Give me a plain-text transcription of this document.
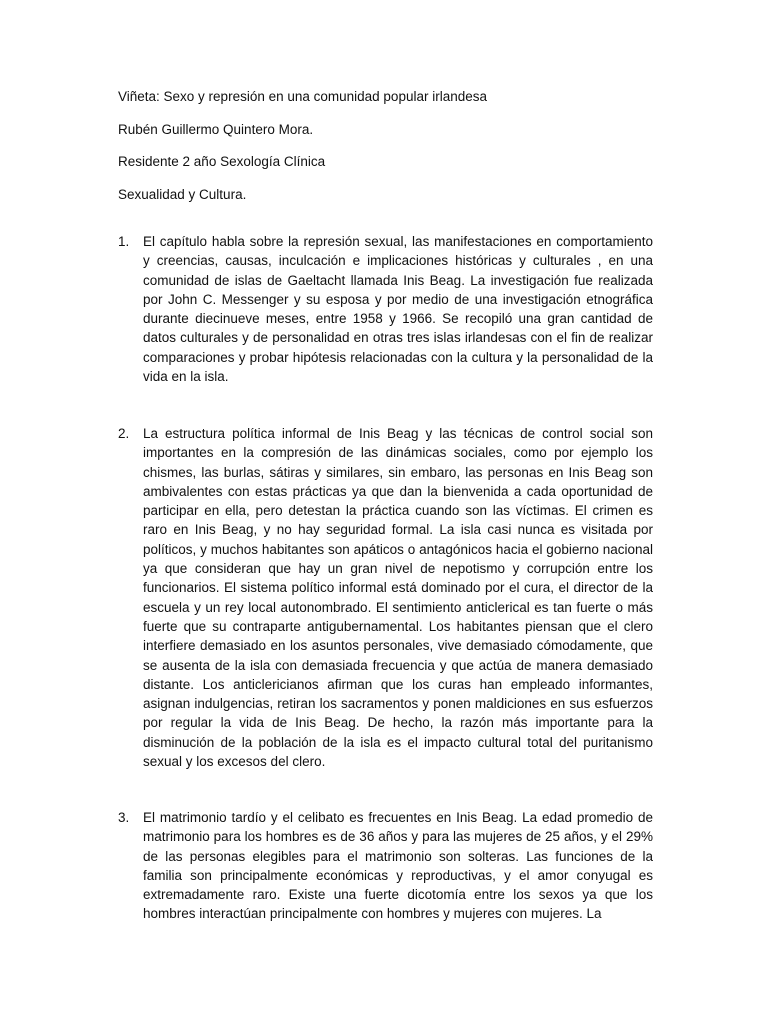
Viñeta: Sexo y represión en una comunidad popular irlandesa
Rubén Guillermo Quintero Mora.
Residente 2 año Sexología Clínica
Sexualidad y Cultura.
1. El capítulo habla sobre la represión sexual, las manifestaciones en comportamiento y creencias, causas, inculcación e implicaciones históricas y culturales , en una comunidad de islas de Gaeltacht llamada Inis Beag. La investigación fue realizada por John C. Messenger y su esposa y por medio de una investigación etnográfica durante diecinueve meses, entre 1958 y 1966. Se recopiló una gran cantidad de datos culturales y de personalidad en otras tres islas irlandesas con el fin de realizar comparaciones y probar hipótesis relacionadas con la cultura y la personalidad de la vida en la isla.
2. La estructura política informal de Inis Beag y las técnicas de control social son importantes en la compresión de las dinámicas sociales, como por ejemplo los chismes, las burlas, sátiras y similares, sin embaro, las personas en Inis Beag son ambivalentes con estas prácticas ya que dan la bienvenida a cada oportunidad de participar en ella, pero detestan la práctica cuando son las víctimas. El crimen es raro en Inis Beag, y no hay seguridad formal. La isla casi nunca es visitada por políticos, y muchos habitantes son apáticos o antagónicos hacia el gobierno nacional ya que consideran que hay un gran nivel de nepotismo y corrupción entre los funcionarios. El sistema político informal está dominado por el cura, el director de la escuela y un rey local autonombrado. El sentimiento anticlerical es tan fuerte o más fuerte que su contraparte antigubernamental. Los habitantes piensan que el clero interfiere demasiado en los asuntos personales, vive demasiado cómodamente, que se ausenta de la isla con demasiada frecuencia y que actúa de manera demasiado distante. Los anticlericianos afirman que los curas han empleado informantes, asignan indulgencias, retiran los sacramentos y ponen maldiciones en sus esfuerzos por regular la vida de Inis Beag. De hecho, la razón más importante para la disminución de la población de la isla es el impacto cultural total del puritanismo sexual y los excesos del clero.
3. El matrimonio tardío y el celibato es frecuentes en Inis Beag. La edad promedio de matrimonio para los hombres es de 36 años y para las mujeres de 25 años, y el 29% de las personas elegibles para el matrimonio son solteras. Las funciones de la familia son principalmente económicas y reproductivas, y el amor conyugal es extremadamente raro. Existe una fuerte dicotomía entre los sexos ya que los hombres interactúan principalmente con hombres y mujeres con mujeres. La
